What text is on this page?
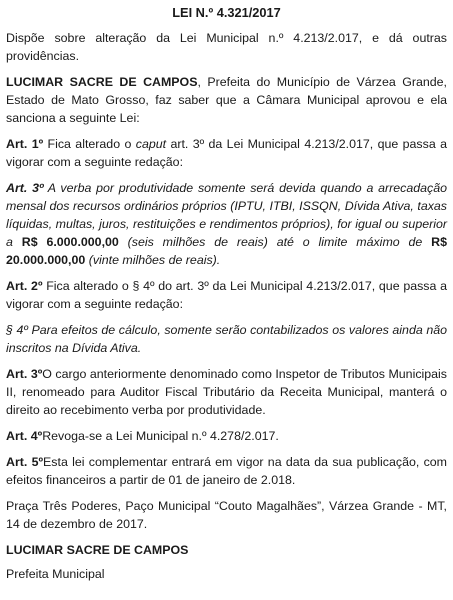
LEI N.º 4.321/2017

Dispõe sobre alteração da Lei Municipal n.º 4.213/2.017, e dá outras providências.

LUCIMAR SACRE DE CAMPOS, Prefeita do Município de Várzea Grande, Estado de Mato Grosso, faz saber que a Câmara Municipal aprovou e ela sanciona a seguinte Lei:

Art. 1º Fica alterado o caput art. 3º da Lei Municipal 4.213/2.017, que passa a vigorar com a seguinte redação:

Art. 3º A verba por produtividade somente será devida quando a arrecadação mensal dos recursos ordinários próprios (IPTU, ITBI, ISSQN, Dívida Ativa, taxas líquidas, multas, juros, restituições e rendimentos próprios), for igual ou superior a R$ 6.000.000,00 (seis milhões de reais) até o limite máximo de R$ 20.000.000,00 (vinte milhões de reais).

Art. 2º Fica alterado o § 4º do art. 3º da Lei Municipal 4.213/2.017, que passa a vigorar com a seguinte redação:

§ 4º Para efeitos de cálculo, somente serão contabilizados os valores ainda não inscritos na Dívida Ativa.

Art. 3ºO cargo anteriormente denominado como Inspetor de Tributos Municipais II, renomeado para Auditor Fiscal Tributário da Receita Municipal, manterá o direito ao recebimento verba por produtividade.

Art. 4ºRevoga-se a Lei Municipal n.º 4.278/2.017.

Art. 5ºEsta lei complementar entrará em vigor na data da sua publicação, com efeitos financeiros a partir de 01 de janeiro de 2.018.

Praça Três Poderes, Paço Municipal “Couto Magalhães”, Várzea Grande - MT, 14 de dezembro de 2017.

LUCIMAR SACRE DE CAMPOS

Prefeita Municipal
